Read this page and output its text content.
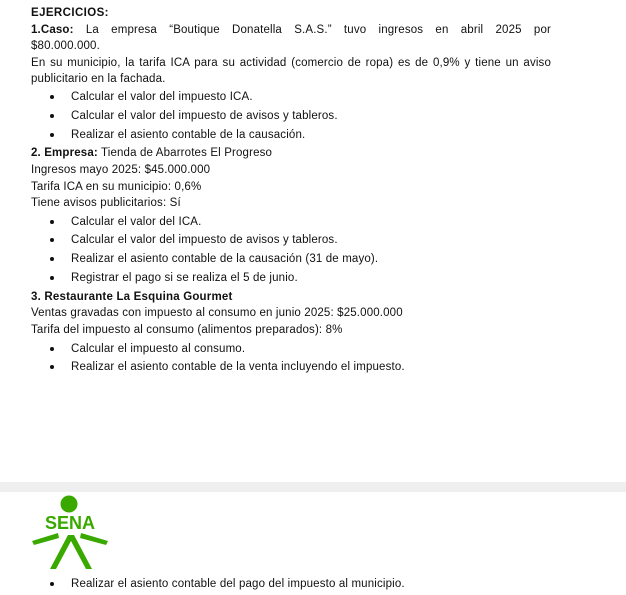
EJERCICIOS:

1.Caso: La empresa “Boutique Donatella S.A.S.” tuvo ingresos en abril 2025 por

$80.000.000.

En su municipio, la tarifa ICA para su actividad (comercio de ropa) es de 0,9% y tiene un aviso publicitario en la fachada.

Calcular el valor del impuesto ICA.
Calcular el valor del impuesto de avisos y tableros.
Realizar el asiento contable de la causación.

2. Empresa: Tienda de Abarrotes El Progreso

Ingresos mayo 2025: $45.000.000

Tarifa ICA en su municipio: 0,6%

Tiene avisos publicitarios: Sí

Calcular el valor del ICA.
Calcular el valor del impuesto de avisos y tableros.
Realizar el asiento contable de la causación (31 de mayo).
Registrar el pago si se realiza el 5 de junio.

3. Restaurante La Esquina Gourmet

Ventas gravadas con impuesto al consumo en junio 2025: $25.000.000

Tarifa del impuesto al consumo (alimentos preparados): 8%

Calcular el impuesto al consumo.
Realizar el asiento contable de la venta incluyendo el impuesto.
SENA
Realizar el asiento contable del pago del impuesto al municipio.
